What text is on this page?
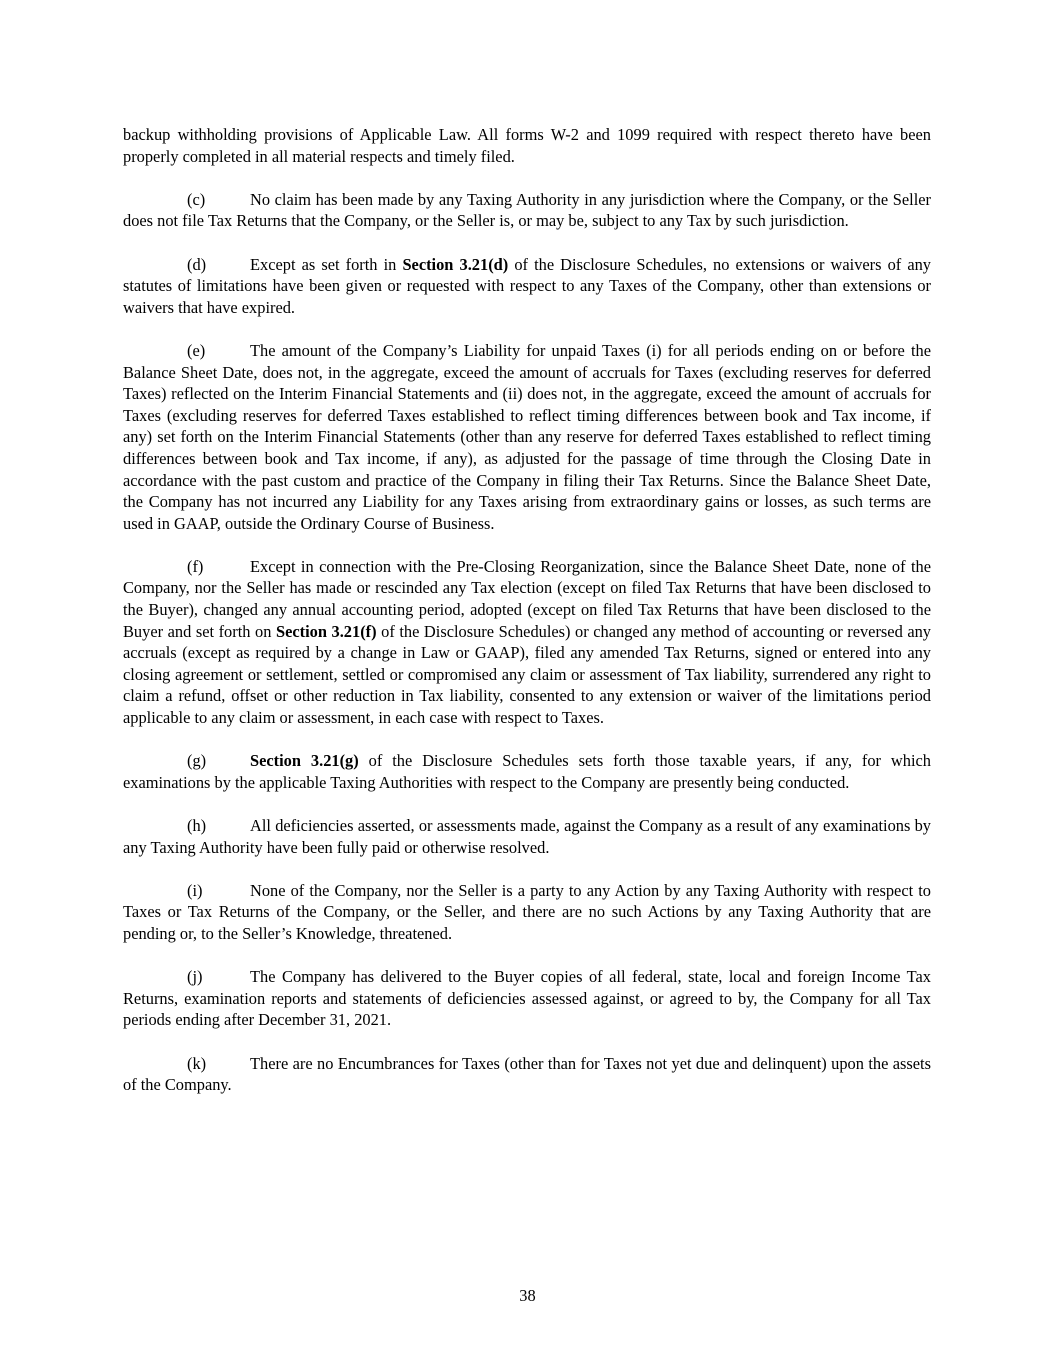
backup withholding provisions of Applicable Law. All forms W-2 and 1099 required with respect thereto have been properly completed in all material respects and timely filed.

(c)	No claim has been made by any Taxing Authority in any jurisdiction where the Company, or the Seller does not file Tax Returns that the Company, or the Seller is, or may be, subject to any Tax by such jurisdiction.

(d)	Except as set forth in Section 3.21(d) of the Disclosure Schedules, no extensions or waivers of any statutes of limitations have been given or requested with respect to any Taxes of the Company, other than extensions or waivers that have expired.

(e)	The amount of the Company’s Liability for unpaid Taxes (i) for all periods ending on or before the Balance Sheet Date, does not, in the aggregate, exceed the amount of accruals for Taxes (excluding reserves for deferred Taxes) reflected on the Interim Financial Statements and (ii) does not, in the aggregate, exceed the amount of accruals for Taxes (excluding reserves for deferred Taxes established to reflect timing differences between book and Tax income, if any) set forth on the Interim Financial Statements (other than any reserve for deferred Taxes established to reflect timing differences between book and Tax income, if any), as adjusted for the passage of time through the Closing Date in accordance with the past custom and practice of the Company in filing their Tax Returns. Since the Balance Sheet Date, the Company has not incurred any Liability for any Taxes arising from extraordinary gains or losses, as such terms are used in GAAP, outside the Ordinary Course of Business.

(f)	Except in connection with the Pre-Closing Reorganization, since the Balance Sheet Date, none of the Company, nor the Seller has made or rescinded any Tax election (except on filed Tax Returns that have been disclosed to the Buyer), changed any annual accounting period, adopted (except on filed Tax Returns that have been disclosed to the Buyer and set forth on Section 3.21(f) of the Disclosure Schedules) or changed any method of accounting or reversed any accruals (except as required by a change in Law or GAAP), filed any amended Tax Returns, signed or entered into any closing agreement or settlement, settled or compromised any claim or assessment of Tax liability, surrendered any right to claim a refund, offset or other reduction in Tax liability, consented to any extension or waiver of the limitations period applicable to any claim or assessment, in each case with respect to Taxes.

(g)	Section 3.21(g) of the Disclosure Schedules sets forth those taxable years, if any, for which examinations by the applicable Taxing Authorities with respect to the Company are presently being conducted.

(h)	All deficiencies asserted, or assessments made, against the Company as a result of any examinations by any Taxing Authority have been fully paid or otherwise resolved.

(i)	None of the Company, nor the Seller is a party to any Action by any Taxing Authority with respect to Taxes or Tax Returns of the Company, or the Seller, and there are no such Actions by any Taxing Authority that are pending or, to the Seller’s Knowledge, threatened.

(j)	The Company has delivered to the Buyer copies of all federal, state, local and foreign Income Tax Returns, examination reports and statements of deficiencies assessed against, or agreed to by, the Company for all Tax periods ending after December 31, 2021.

(k)	There are no Encumbrances for Taxes (other than for Taxes not yet due and delinquent) upon the assets of the Company.

38
